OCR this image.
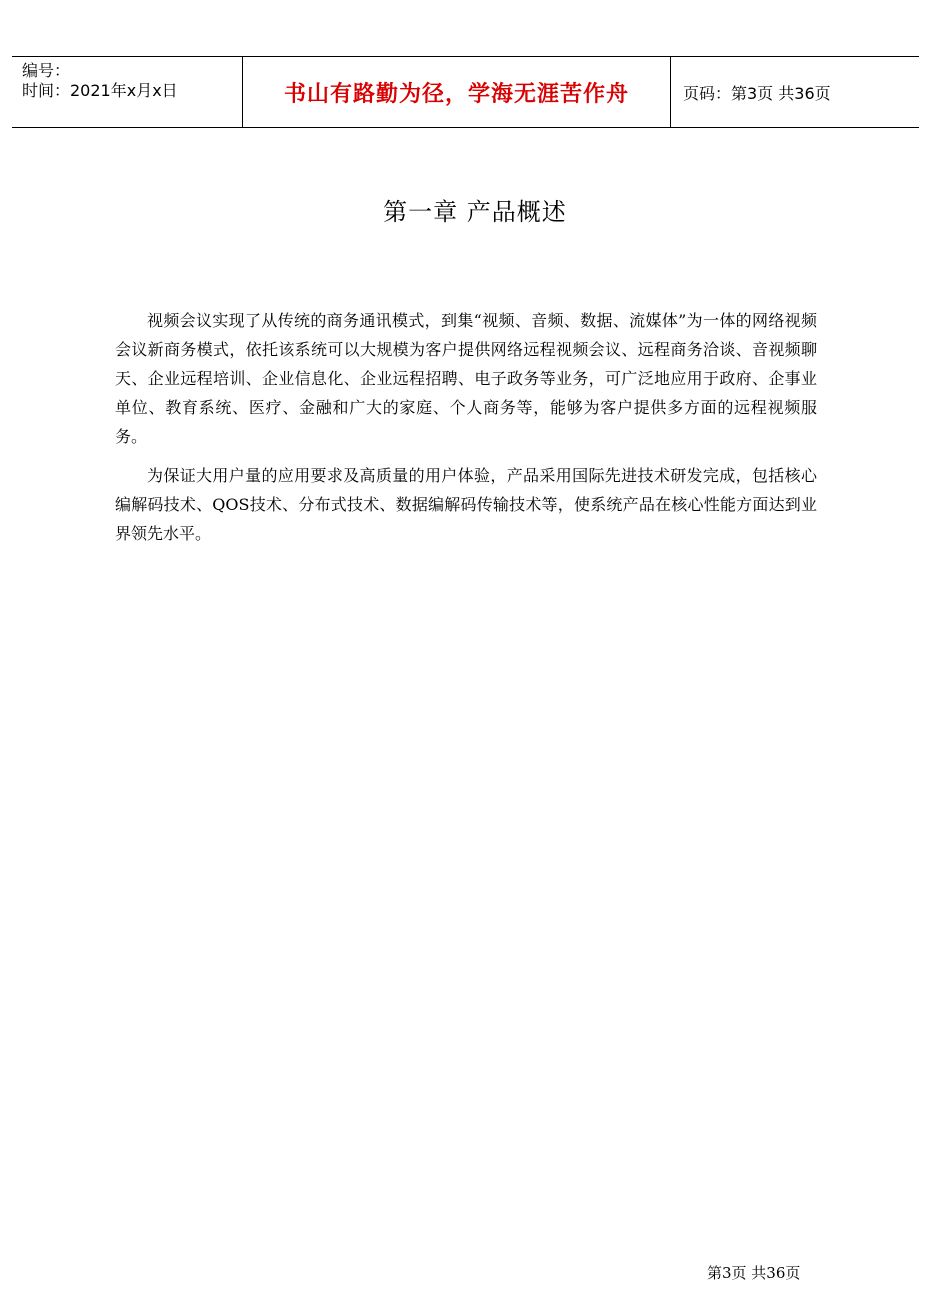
编号：
时间：2021年x月x日	书山有路勤为径，学海无涯苦作舟	页码：第3页 共36页
第一章 产品概述

视频会议实现了从传统的商务通讯模式，到集“视频、音频、数据、流媒体”为一体的网络视频会议新商务模式，依托该系统可以大规模为客户提供网络远程视频会议、远程商务洽谈、音视频聊天、企业远程培训、企业信息化、企业远程招聘、电子政务等业务，可广泛地应用于政府、企事业单位、教育系统、医疗、金融和广大的家庭、个人商务等，能够为客户提供多方面的远程视频服务。

为保证大用户量的应用要求及高质量的用户体验，产品采用国际先进技术研发完成，包括核心编解码技术、QOS技术、分布式技术、数据编解码传输技术等，使系统产品在核心性能方面达到业界领先水平。

第3页 共36页
